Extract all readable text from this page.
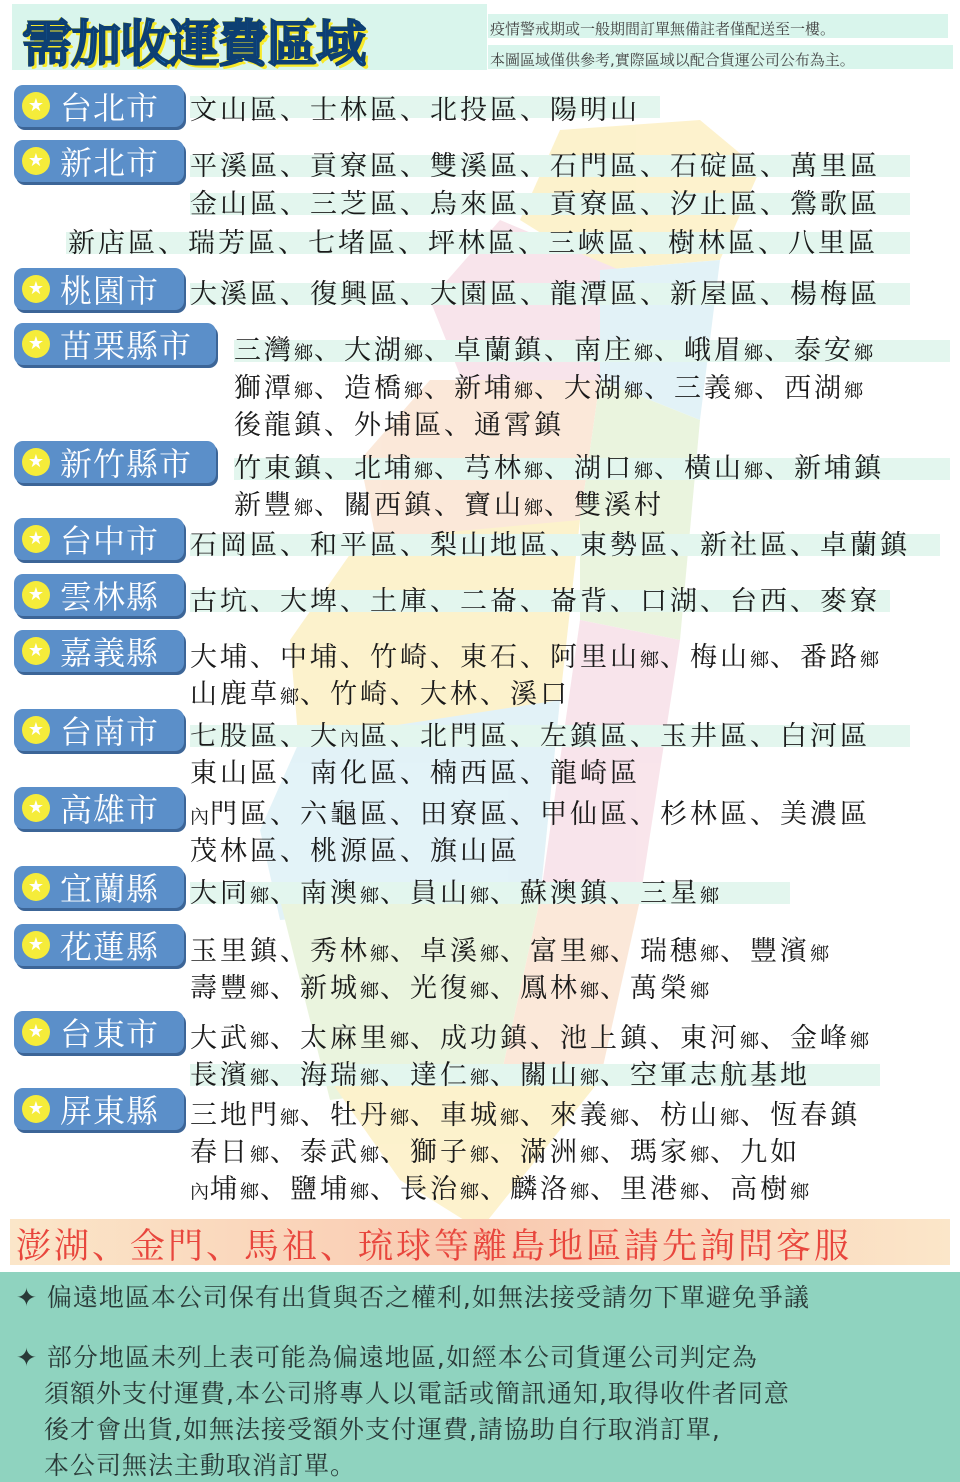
需加收運費區域	疫情警戒期或一般期間訂單無備註者僅配送至一樓。
本圖區域僅供參考,實際區域以配合貨運公司公布為主。
★ 台北市
★ 新北市
★ 桃園市
★ 苗栗縣市
★ 新竹縣市
★ 台中市
★ 雲林縣
★ 嘉義縣
★ 台南市
★ 高雄市
★ 宜蘭縣
★ 花蓮縣
★ 台東市
★ 屏東縣
文山區、士林區、北投區、陽明山
平溪區、貢寮區、雙溪區、石門區、石碇區、萬里區
金山區、三芝區、烏來區、貢寮區、汐止區、鶯歌區
新店區、瑞芳區、七堵區、坪林區、三峽區、樹林區、八里區
大溪區、復興區、大園區、龍潭區、新屋區、楊梅區
三灣鄉、大湖鄉、卓蘭鎮、南庄鄉、峨眉鄉、泰安鄉
獅潭鄉、造橋鄉、新埔鄉、大湖鄉、三義鄉、西湖鄉
後龍鎮、外埔區、通霄鎮
竹東鎮、北埔鄉、芎林鄉、湖口鄉、橫山鄉、新埔鎮
新豐鄉、關西鎮、寶山鄉、雙溪村
石岡區、和平區、梨山地區、東勢區、新社區、卓蘭鎮
古坑、大埤、土庫、二崙、崙背、口湖、台西、麥寮
大埔、中埔、竹崎、東石、阿里山鄉、梅山鄉、番路鄉
山鹿草鄉、竹崎、大林、溪口
七股區、大內區、北門區、左鎮區、玉井區、白河區
東山區、南化區、楠西區、龍崎區
內門區、六龜區、田寮區、甲仙區、杉林區、美濃區
茂林區、桃源區、旗山區
大同鄉、南澳鄉、員山鄉、蘇澳鎮、三星鄉
玉里鎮、秀林鄉、卓溪鄉、富里鄉、瑞穗鄉、豐濱鄉
壽豐鄉、新城鄉、光復鄉、鳳林鄉、萬榮鄉
大武鄉、太麻里鄉、成功鎮、池上鎮、東河鄉、金峰鄉
長濱鄉、海瑞鄉、達仁鄉、關山鄉、空軍志航基地
三地門鄉、牡丹鄉、車城鄉、來義鄉、枋山鄉、恆春鎮
春日鄉、泰武鄉、獅子鄉、滿洲鄉、瑪家鄉、九如
內埔鄉、鹽埔鄉、長治鄉、麟洛鄉、里港鄉、高樹鄉
澎湖、金門、馬祖、琉球等離島地區請先詢問客服
✦ 偏遠地區本公司保有出貨與否之權利,如無法接受請勿下單避免爭議
✦ 部分地區未列上表可能為偏遠地區,如經本公司貨運公司判定為
須額外支付運費,本公司將專人以電話或簡訊通知,取得收件者同意
後才會出貨,如無法接受額外支付運費,請協助自行取消訂單,
本公司無法主動取消訂單。
